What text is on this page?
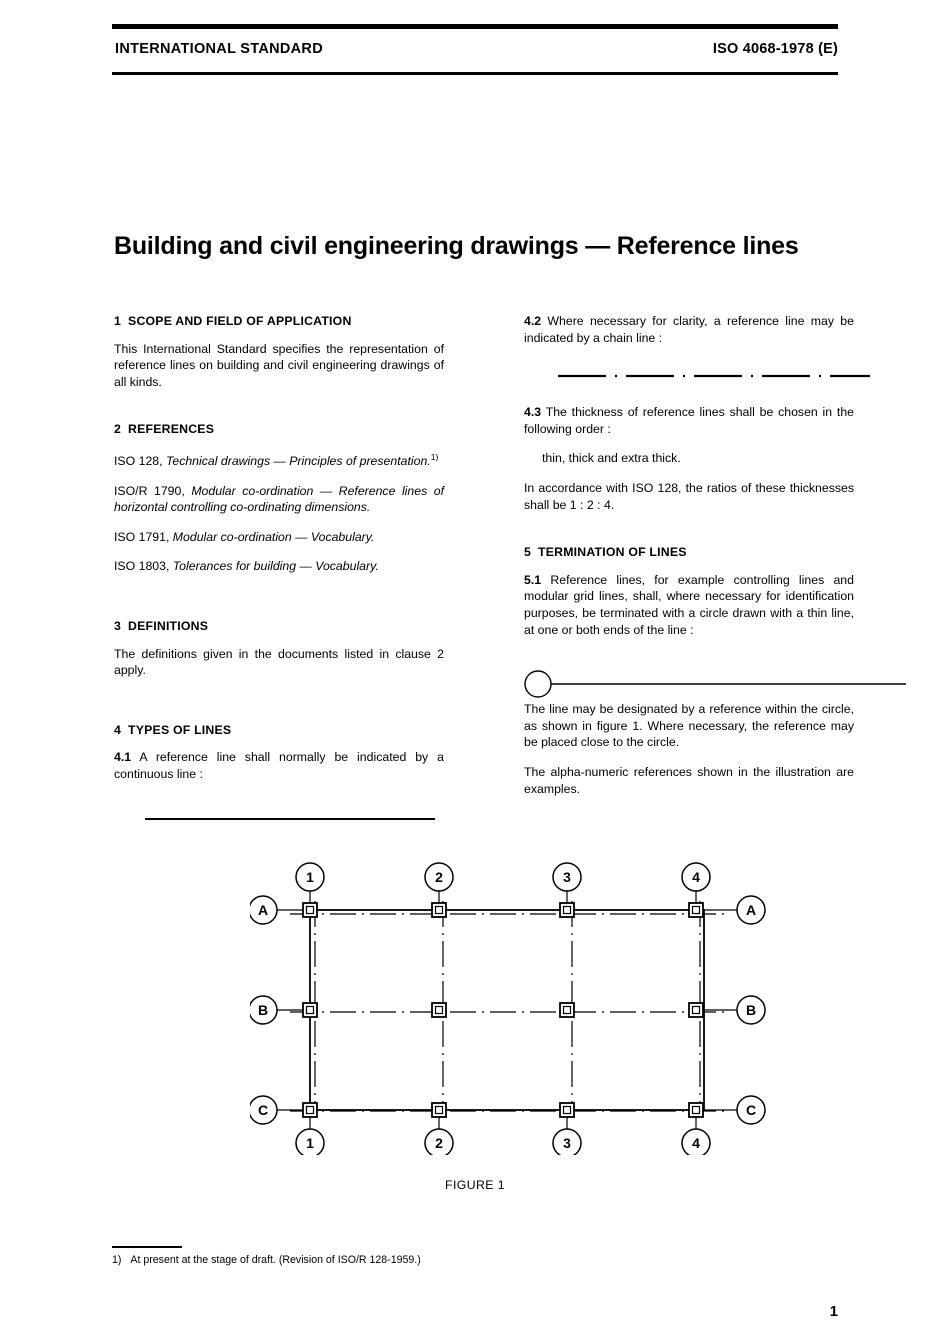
INTERNATIONAL STANDARD	ISO 4068-1978 (E)
Building and civil engineering drawings — Reference lines
1 SCOPE AND FIELD OF APPLICATION

This International Standard specifies the representation of reference lines on building and civil engineering drawings of all kinds.

2 REFERENCES

ISO 128, Technical drawings — Principles of presentation.$^{1)}$

ISO/R 1790, Modular co-ordination — Reference lines of horizontal controlling co-ordinating dimensions.

ISO 1791, Modular co-ordination — Vocabulary.

ISO 1803, Tolerances for building — Vocabulary.

3 DEFINITIONS

The definitions given in the documents listed in clause 2 apply.

4 TYPES OF LINES

4.1 A reference line shall normally be indicated by a continuous line :

4.2 Where necessary for clarity, a reference line may be indicated by a chain line :

4.3 The thickness of reference lines shall be chosen in the following order :

thin, thick and extra thick.

In accordance with ISO 128, the ratios of these thicknesses shall be 1 : 2 : 4.

5 TERMINATION OF LINES

5.1 Reference lines, for example controlling lines and modular grid lines, shall, where necessary for identification purposes, be terminated with a circle drawn with a thin line, at one or both ends of the line :

The line may be designated by a reference within the circle, as shown in figure 1. Where necessary, the reference may be placed close to the circle.

The alpha-numeric references shown in the illustration are examples.

1	2	3	4
1	2	3	4
A
B
C
A
B
C
FIGURE 1
1) At present at the stage of draft. (Revision of ISO/R 128-1959.)
1
